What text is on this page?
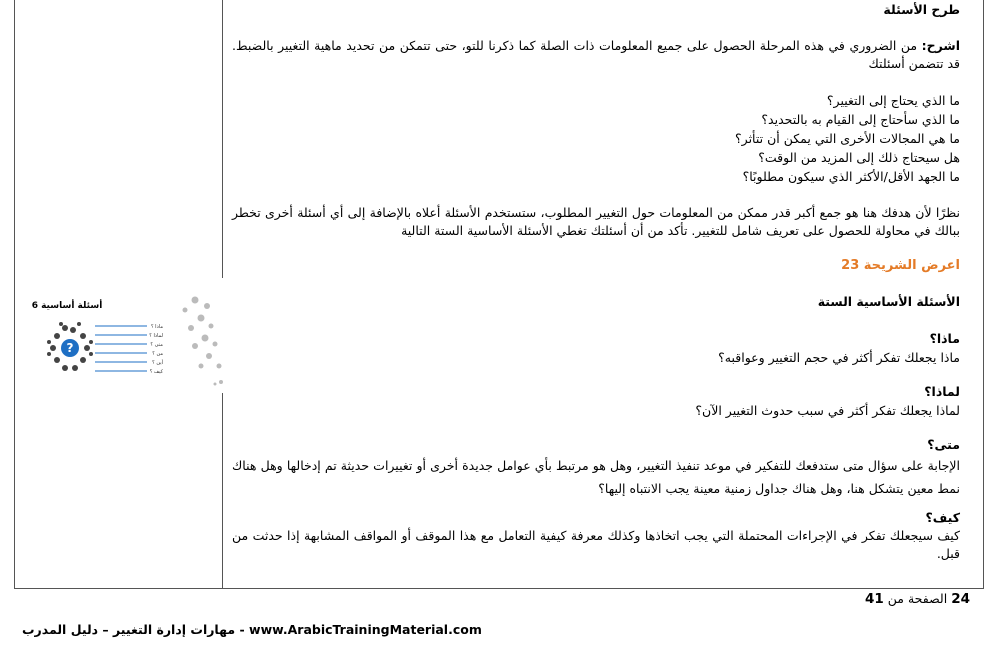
أسئلة أساسية 6
?
ماذا ؟
لماذا ؟
متى ؟
من ؟
أين ؟
كيف ؟

طرح الأسئلة

اشرح: من الضروري في هذه المرحلة الحصول على جميع المعلومات ذات الصلة كما ذكرنا للتو، حتى تتمكن من تحديد ماهية التغيير بالضبط. قد تتضمن أسئلتك

ما الذي يحتاج إلى التغيير؟

ما الذي سأحتاج إلى القيام به بالتحديد؟

ما هي المجالات الأخرى التي يمكن أن تتأثر؟

هل سيحتاج ذلك إلى المزيد من الوقت؟

ما الجهد الأقل/الأكثر الذي سيكون مطلوبًا؟

نظرًا لأن هدفك هنا هو جمع أكبر قدر ممكن من المعلومات حول التغيير المطلوب، ستستخدم الأسئلة أعلاه بالإضافة إلى أي أسئلة أخرى تخطر ببالك في محاولة للحصول على تعريف شامل للتغيير. تأكد من أن أسئلتك تغطي الأسئلة الأساسية الستة التالية

اعرض الشريحة 23

الأسئلة الأساسية الستة

ماذا؟

ماذا يجعلك تفكر أكثر في حجم التغيير وعواقبه؟

لماذا؟

لماذا يجعلك تفكر أكثر في سبب حدوث التغيير الآن؟

متى؟

الإجابة على سؤال متى ستدفعك للتفكير في موعد تنفيذ التغيير، وهل هو مرتبط بأي عوامل جديدة أخرى أو تغييرات حديثة تم إدخالها وهل هناك نمط معين يتشكل هنا، وهل هناك جداول زمنية معينة يجب الانتباه إليها؟

كيف؟

كيف سيجعلك تفكر في الإجراءات المحتملة التي يجب اتخاذها وكذلك معرفة كيفية التعامل مع هذا الموقف أو المواقف المشابهة إذا حدثت من قبل.

24 الصفحة من 41
www.ArabicTrainingMaterial.com - مهارات إدارة التغيير – دليل المدرب
